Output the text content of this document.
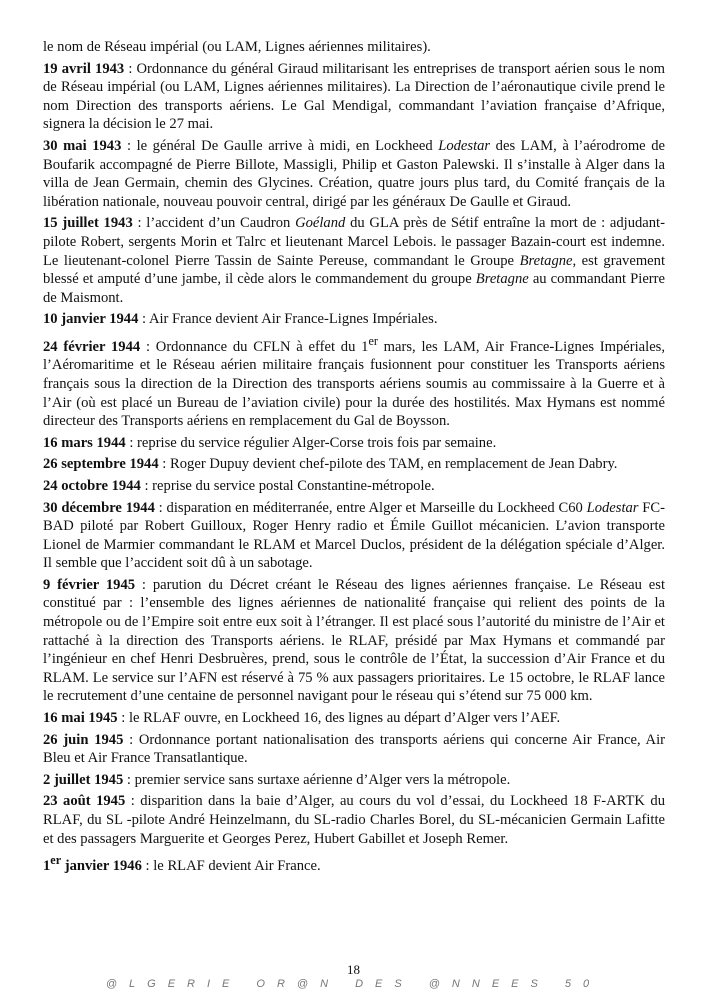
le nom de Réseau impérial (ou LAM, Lignes aériennes militaires).

19 avril 1943 : Ordonnance du général Giraud militarisant les entreprises de transport aérien sous le nom de Réseau impérial (ou LAM, Lignes aériennes militaires). La Direction de l’aéronautique civile prend le nom Direction des transports aériens. Le Gal Mendigal, commandant l’aviation française d’Afrique, signera la décision le 27 mai.

30 mai 1943 : le général De Gaulle arrive à midi, en Lockheed Lodestar des LAM, à l’aérodrome de Boufarik accompagné de Pierre Billote, Massigli, Philip et Gaston Palewski. Il s’installe à Alger dans la villa de Jean Germain, chemin des Glycines. Création, quatre jours plus tard, du Comité français de la libération nationale, nouveau pouvoir central, dirigé par les généraux De Gaulle et Giraud.

15 juillet 1943 : l’accident d’un Caudron Goéland du GLA près de Sétif entraîne la mort de : adjudant-pilote Robert, sergents Morin et Talrc et lieutenant Marcel Lebois. le passager Bazain-court est indemne. Le lieutenant-colonel Pierre Tassin de Sainte Pereuse, commandant le Groupe Bretagne, est gravement blessé et amputé d’une jambe, il cède alors le commandement du groupe Bretagne au commandant Pierre de Maismont.

10 janvier 1944 : Air France devient Air France-Lignes Impériales.

24 février 1944 : Ordonnance du CFLN à effet du 1er mars, les LAM, Air France-Lignes Impériales, l’Aéromaritime et le Réseau aérien militaire français fusionnent pour constituer les Transports aériens français sous la direction de la Direction des transports aériens soumis au commissaire à la Guerre et à l’Air (où est placé un Bureau de l’aviation civile) pour la durée des hostilités. Max Hymans est nommé directeur des Transports aériens en remplacement du Gal de Boysson.

16 mars 1944 : reprise du service régulier Alger-Corse trois fois par semaine.

26 septembre 1944 : Roger Dupuy devient chef-pilote des TAM, en remplacement de Jean Dabry.

24 octobre 1944 : reprise du service postal Constantine-métropole.

30 décembre 1944 : disparation en méditerranée, entre Alger et Marseille du Lockheed C60 Lodestar FC-BAD piloté par Robert Guilloux, Roger Henry radio et Émile Guillot mécanicien. L’avion transporte Lionel de Marmier commandant le RLAM et Marcel Duclos, président de la délégation spéciale d’Alger. Il semble que l’accident soit dû à un sabotage.

9 février 1945 : parution du Décret créant le Réseau des lignes aériennes française. Le Réseau est constitué par : l’ensemble des lignes aériennes de nationalité française qui relient des points de la métropole ou de l’Empire soit entre eux soit à l’étranger. Il est placé sous l’autorité du ministre de l’Air et rattaché à la direction des Transports aériens. le RLAF, présidé par Max Hymans et commandé par l’ingénieur en chef Henri Desbruères, prend, sous le contrôle de l’État, la succession d’Air France et du RLAM. Le service sur l’AFN est réservé à 75 % aux passagers prioritaires. Le 15 octobre, le RLAF lance le recrutement d’une centaine de personnel navigant pour le réseau qui s’étend sur 75 000 km.

16 mai 1945 : le RLAF ouvre, en Lockheed 16, des lignes au départ d’Alger vers l’AEF.

26 juin 1945 : Ordonnance portant nationalisation des transports aériens qui concerne Air France, Air Bleu et Air France Transatlantique.

2 juillet 1945 : premier service sans surtaxe aérienne d’Alger vers la métropole.

23 août 1945 : disparition dans la baie d’Alger, au cours du vol d’essai, du Lockheed 18 F-ARTK du RLAF, du SL -pilote André Heinzelmann, du SL-radio Charles Borel, du SL-mécanicien Germain Lafitte et des passagers Marguerite et Georges Perez, Hubert Gabillet et Joseph Remer.

1er janvier 1946 : le RLAF devient Air France.

18
@LGERIE OR@N DES @NNEES 50
